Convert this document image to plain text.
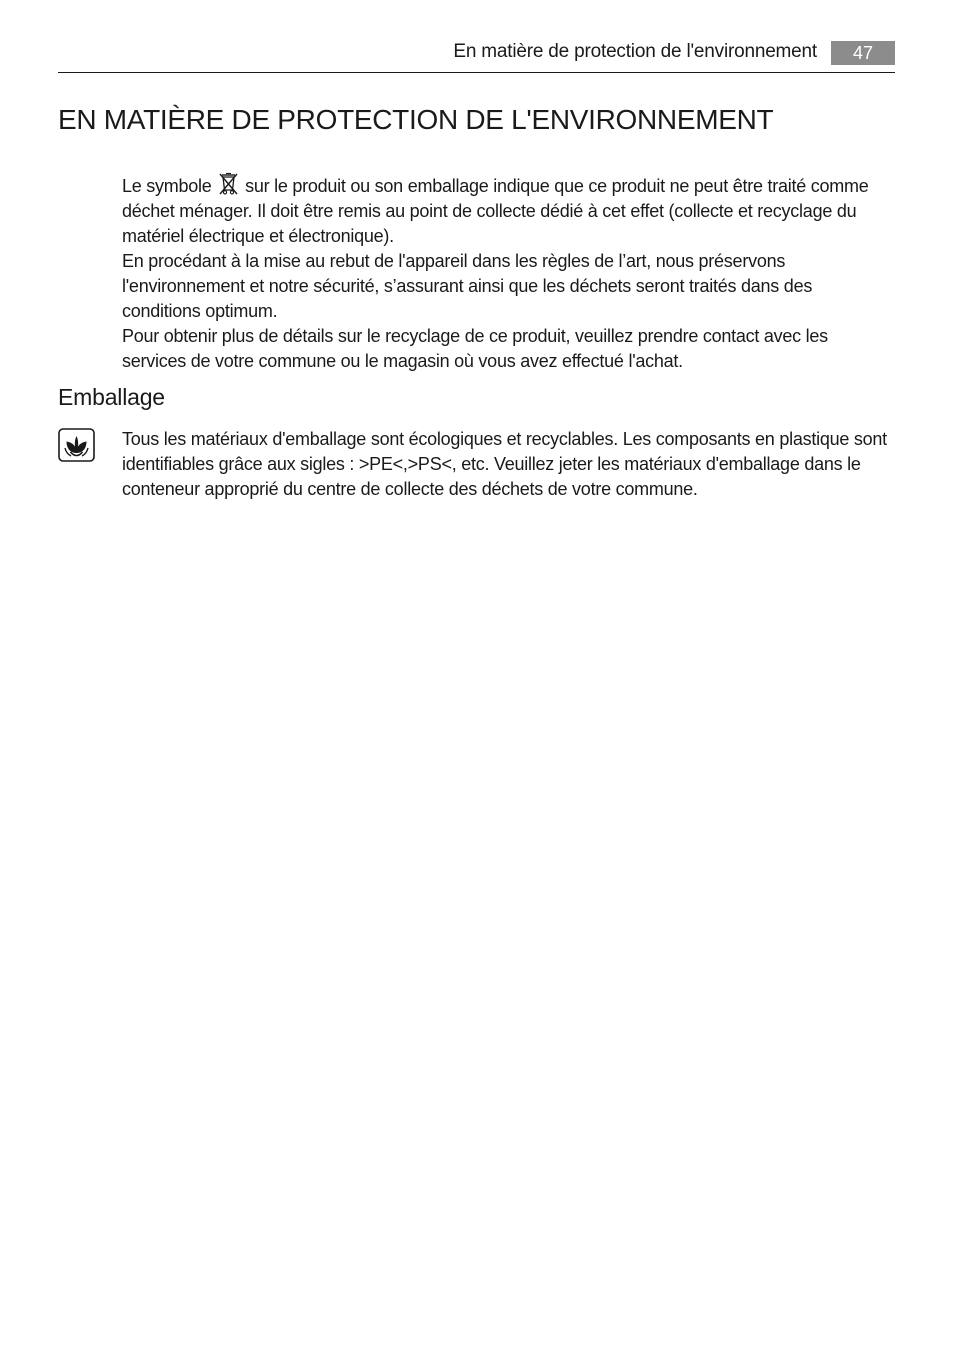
En matière de protection de l'environnement	47
EN MATIÈRE DE PROTECTION DE L'ENVIRONNEMENT

Le symbole sur le produit ou son emballage indique que ce produit ne peut être traité comme déchet ménager. Il doit être remis au point de collecte dédié à cet effet (collecte et recyclage du matériel électrique et électronique).

En procédant à la mise au rebut de l'appareil dans les règles de l’art, nous préservons l'environnement et notre sécurité, s’assurant ainsi que les déchets seront traités dans des conditions optimum.

Pour obtenir plus de détails sur le recyclage de ce produit, veuillez prendre contact avec les services de votre commune ou le magasin où vous avez effectué l'achat.

Emballage

Tous les matériaux d'emballage sont écologiques et recyclables. Les composants en plastique sont identifiables grâce aux sigles : >PE<,>PS<, etc. Veuillez jeter les matériaux d'emballage dans le conteneur approprié du centre de collecte des déchets de votre commune.
